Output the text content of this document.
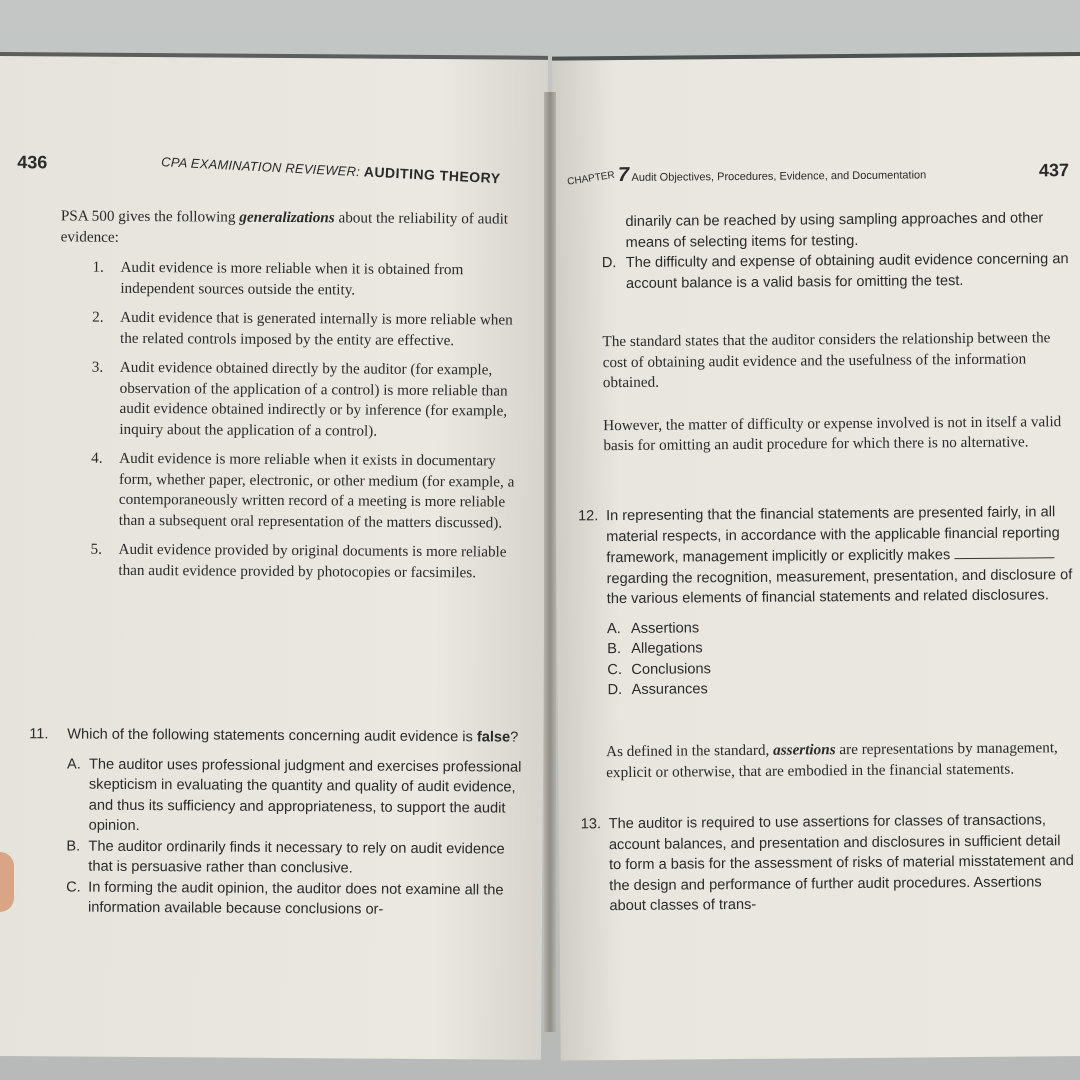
436	CPA EXAMINATION REVIEWER: AUDITING THEORY

PSA 500 gives the following generalizations about the reliability of audit evidence:

1. Audit evidence is more reliable when it is obtained from independent sources outside the entity.
2. Audit evidence that is generated internally is more reliable when the related controls imposed by the entity are effective.
3. Audit evidence obtained directly by the auditor (for example, observation of the application of a control) is more reliable than audit evidence obtained indirectly or by inference (for example, inquiry about the application of a control).
4. Audit evidence is more reliable when it exists in documentary form, whether paper, electronic, or other medium (for example, a contemporaneously written record of a meeting is more reliable than a subsequent oral representation of the matters discussed).
5. Audit evidence provided by original documents is more reliable than audit evidence provided by photocopies or facsimiles.
11. Which of the following statements concerning audit evidence is false?
A. The auditor uses professional judgment and exercises professional skepticism in evaluating the quantity and quality of audit evidence, and thus its sufficiency and appropriateness, to support the audit opinion.
B. The auditor ordinarily finds it necessary to rely on audit evidence that is persuasive rather than conclusive.
C. In forming the audit opinion, the auditor does not examine all the information available because conclusions or-
CHAPTER 7 Audit Objectives, Procedures, Evidence, and Documentation	437
dinarily can be reached by using sampling approaches and other means of selecting items for testing.
D. The difficulty and expense of obtaining audit evidence concerning an account balance is a valid basis for omitting the test.

The standard states that the auditor considers the relationship between the cost of obtaining audit evidence and the usefulness of the information obtained.

However, the matter of difficulty or expense involved is not in itself a valid basis for omitting an audit procedure for which there is no alternative.

12. In representing that the financial statements are presented fairly, in all material respects, in accordance with the applicable financial reporting framework, management implicitly or explicitly makes  regarding the recognition, measurement, presentation, and disclosure of the various elements of financial statements and related disclosures.
A. Assertions
B. Allegations
C. Conclusions
D. Assurances

As defined in the standard, assertions are representations by management, explicit or otherwise, that are embodied in the financial statements.

13. The auditor is required to use assertions for classes of transactions, account balances, and presentation and disclosures in sufficient detail to form a basis for the assessment of risks of material misstatement and the design and performance of further audit procedures. Assertions about classes of trans-
